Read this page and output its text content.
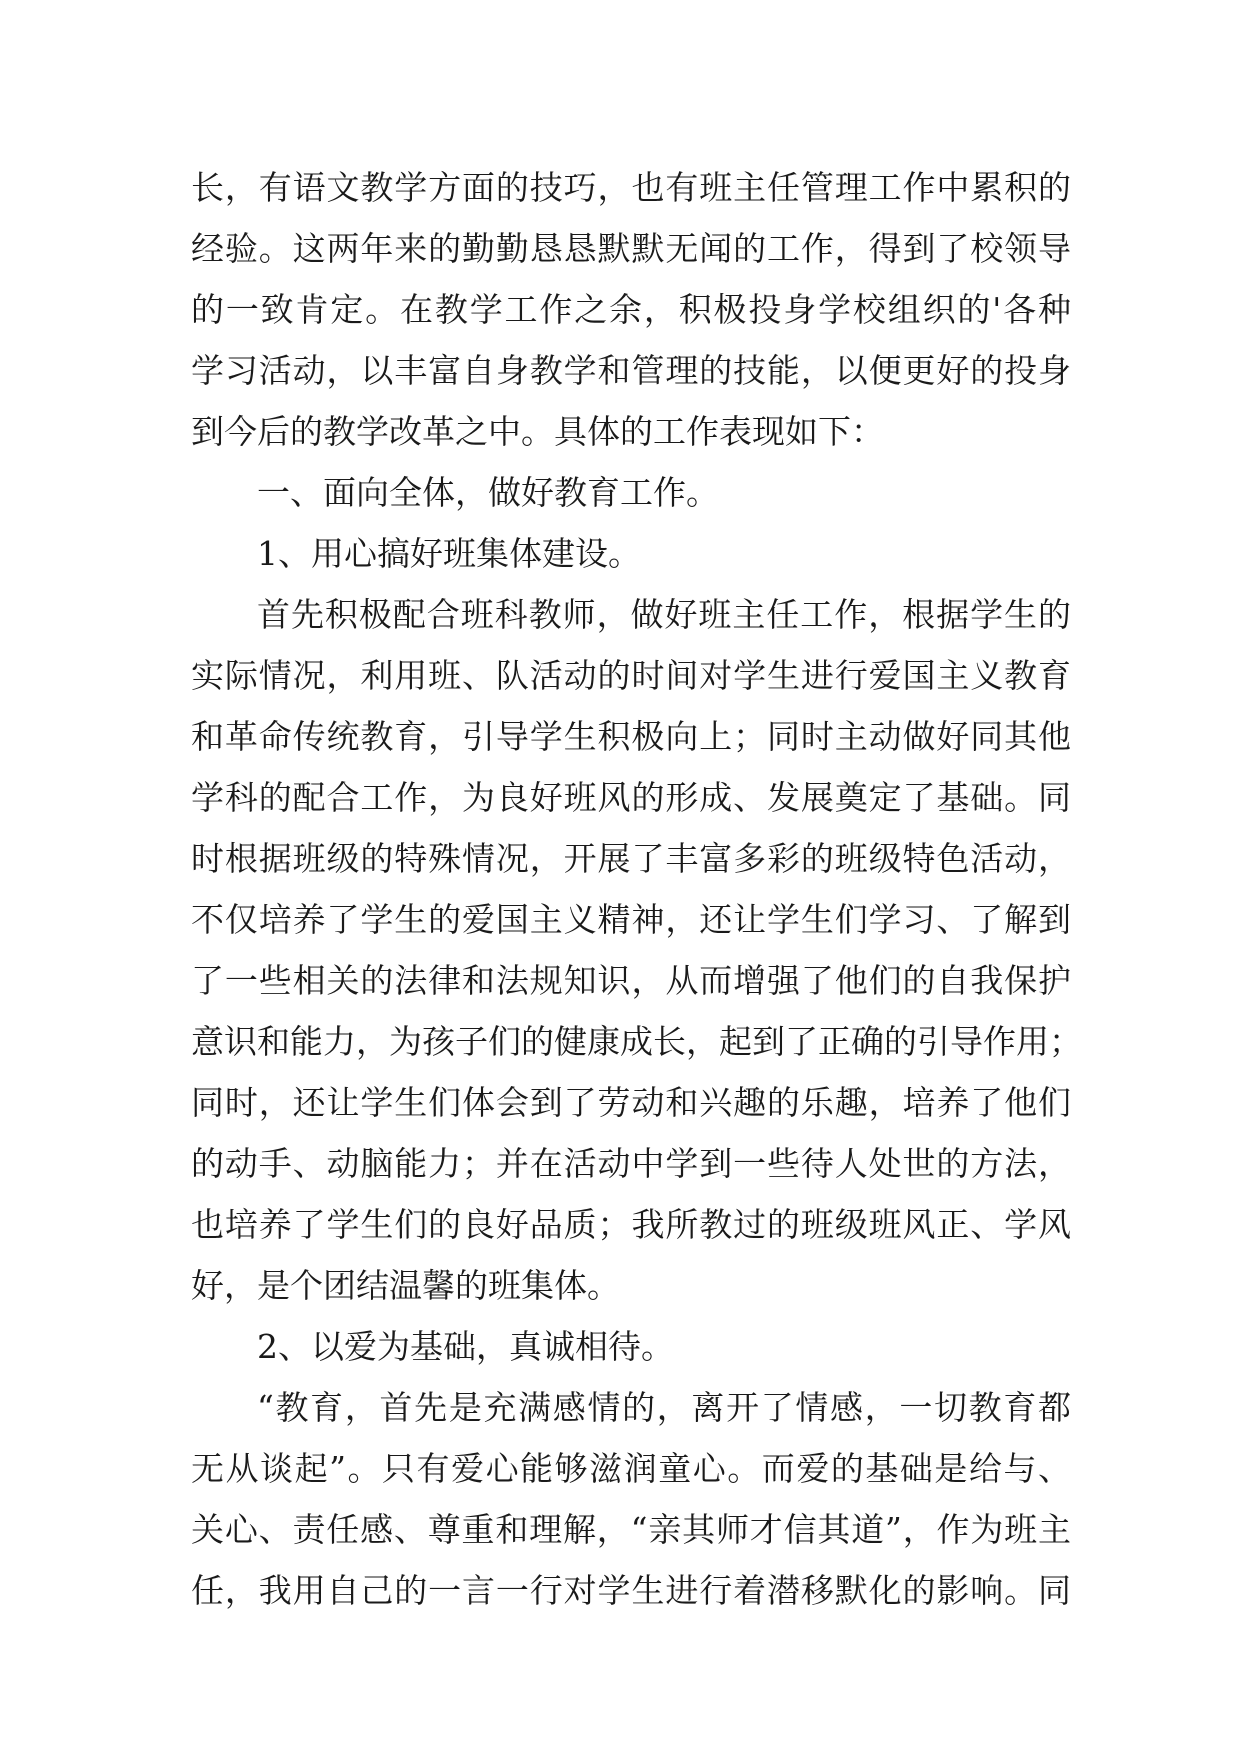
长，有语文教学方面的技巧，也有班主任管理工作中累积的
经验。这两年来的勤勤恳恳默默无闻的工作，得到了校领导
的一致肯定。在教学工作之余，积极投身学校组织的'各种
学习活动，以丰富自身教学和管理的技能，以便更好的投身
到今后的教学改革之中。具体的工作表现如下：
一、面向全体，做好教育工作。
1、用心搞好班集体建设。
首先积极配合班科教师，做好班主任工作，根据学生的
实际情况，利用班、队活动的时间对学生进行爱国主义教育
和革命传统教育，引导学生积极向上；同时主动做好同其他
学科的配合工作，为良好班风的形成、发展奠定了基础。同
时根据班级的特殊情况，开展了丰富多彩的班级特色活动，
不仅培养了学生的爱国主义精神，还让学生们学习、了解到
了一些相关的法律和法规知识，从而增强了他们的自我保护
意识和能力，为孩子们的健康成长，起到了正确的引导作用；
同时，还让学生们体会到了劳动和兴趣的乐趣，培养了他们
的动手、动脑能力；并在活动中学到一些待人处世的方法，
也培养了学生们的良好品质；我所教过的班级班风正、学风
好，是个团结温馨的班集体。
2、以爱为基础，真诚相待。
“教育，首先是充满感情的，离开了情感，一切教育都
无从谈起”。只有爱心能够滋润童心。而爱的基础是给与、
关心、责任感、尊重和理解，“亲其师才信其道”，作为班主
任，我用自己的一言一行对学生进行着潜移默化的影响。同
